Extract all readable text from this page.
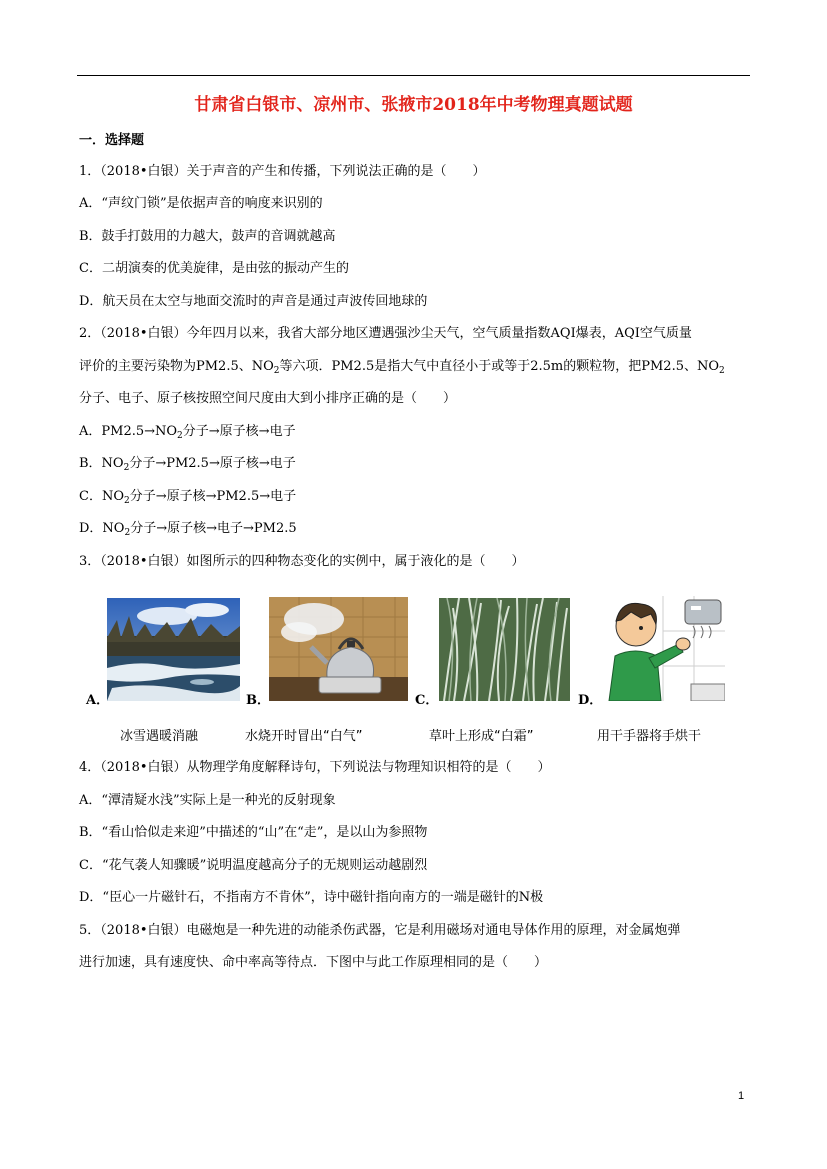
甘肃省白银市、凉州市、张掖市2018年中考物理真题试题
一．选择题
1．（2018•白银）关于声音的产生和传播，下列说法正确的是（　　）
A．“声纹门锁”是依据声音的响度来识别的
B．鼓手打鼓用的力越大，鼓声的音调就越高
C．二胡演奏的优美旋律，是由弦的振动产生的
D．航天员在太空与地面交流时的声音是通过声波传回地球的
2．（2018•白银）今年四月以来，我省大部分地区遭遇强沙尘天气，空气质量指数AQI爆表，AQI空气质量
评价的主要污染物为PM2.5、$NO_2$等六项．PM2.5是指大气中直径小于或等于2.5m的颗粒物，把PM2.5、$NO_2$
分子、电子、原子核按照空间尺度由大到小排序正确的是（　　）
A．$PM2.5\to NO_2$分子→原子核→电子
B．$NO_2$分子→PM2.5→原子核→电子
C．$NO_2$分子→原子核→PM2.5→电子
D．$NO_2$分子→原子核→电子→PM2.5
3．（2018•白银）如图所示的四种物态变化的实例中，属于液化的是（　　）
A．	B．	C．	D．
冰雪遇暖消融	水烧开时冒出“白气”	草叶上形成“白霜”	用干手器将手烘干
4．（2018•白银）从物理学角度解释诗句，下列说法与物理知识相符的是（　　）
A．“潭清疑水浅”实际上是一种光的反射现象
B．“看山恰似走来迎”中描述的“山”在“走”，是以山为参照物
C．“花气袭人知骤暖”说明温度越高分子的无规则运动越剧烈
D．“臣心一片磁针石，不指南方不肯休”，诗中磁针指向南方的一端是磁针的N极
5．（2018•白银）电磁炮是一种先进的动能杀伤武器，它是利用磁场对通电导体作用的原理，对金属炮弹
进行加速，具有速度快、命中率高等待点．下图中与此工作原理相同的是（　　）
1
